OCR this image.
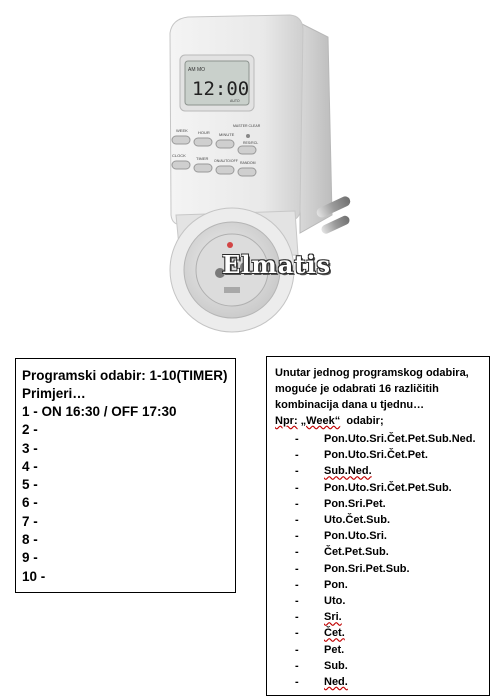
AM MO
12:00
AUTO
WEEK	HOUR MINUTE
MASTER CLEAR
RES/RCL
CLOCK
TIMER ON/AUTO/OFF RANDOM
Elmatis
Programski odabir: 1-10(TIMER)
Primjeri…
1 - ON 16:30 / OFF 17:30
2 -
3 -
4 -
5 -
6 -
7 -
8 -
9 -
10 -
Unutar jednog programskog odabira,
moguće je odabrati 16 različitih
kombinacija dana u tjednu…
Npr: „Week“ odabir;
- Pon.Uto.Sri.Čet.Pet.Sub.Ned.
- Pon.Uto.Sri.Čet.Pet.
- Sub.Ned.
- Pon.Uto.Sri.Čet.Pet.Sub.
- Pon.Sri.Pet.
- Uto.Čet.Sub.
- Pon.Uto.Sri.
- Čet.Pet.Sub.
- Pon.Sri.Pet.Sub.
- Pon.
- Uto.
- Sri.
- Čet.
- Pet.
- Sub.
- Ned.
